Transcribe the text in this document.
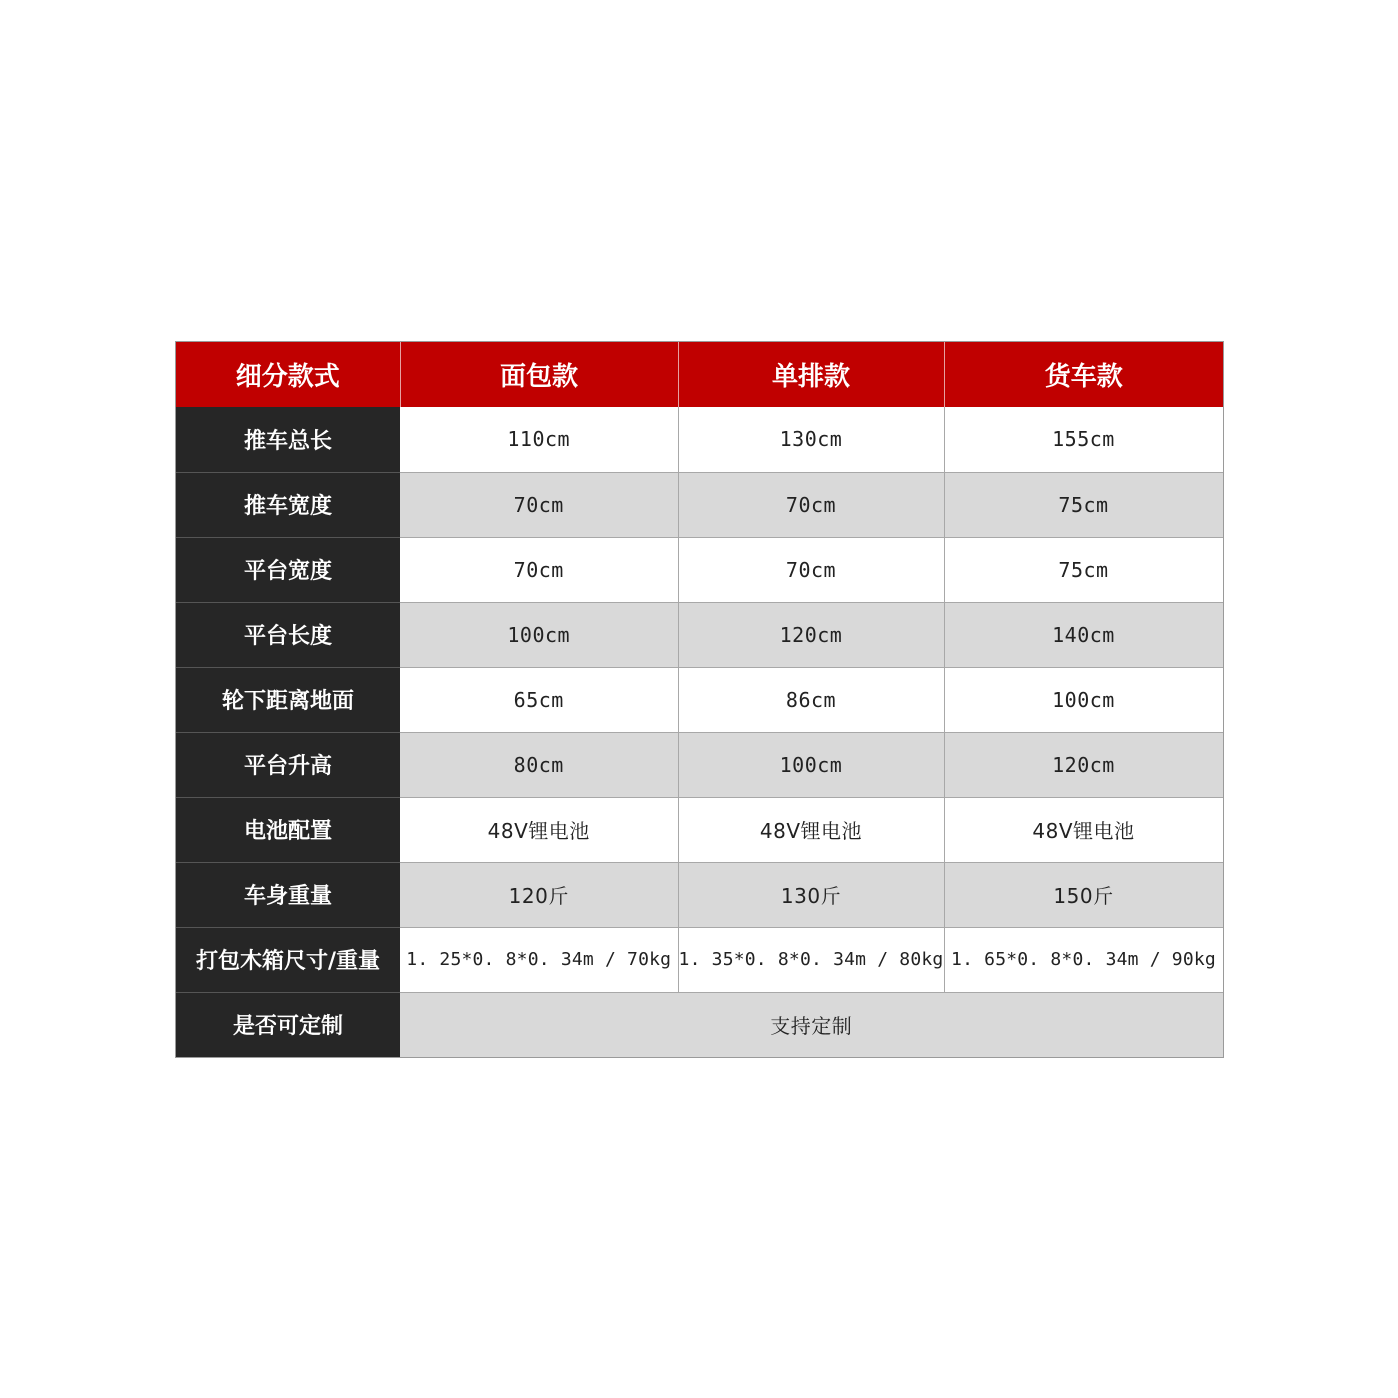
细分款式	面包款	单排款	货车款
推车总长	110cm	130cm	155cm
推车宽度	70cm	70cm	75cm
平台宽度	70cm	70cm	75cm
平台长度	100cm	120cm	140cm
轮下距离地面	65cm	86cm	100cm
平台升高	80cm	100cm	120cm
电池配置	48V锂电池	48V锂电池	48V锂电池
车身重量	120斤	130斤	150斤
打包木箱尺寸/重量	1. 25*0. 8*0. 34m / 70kg	1. 35*0. 8*0. 34m / 80kg	1. 65*0. 8*0. 34m / 90kg
是否可定制	支持定制		
